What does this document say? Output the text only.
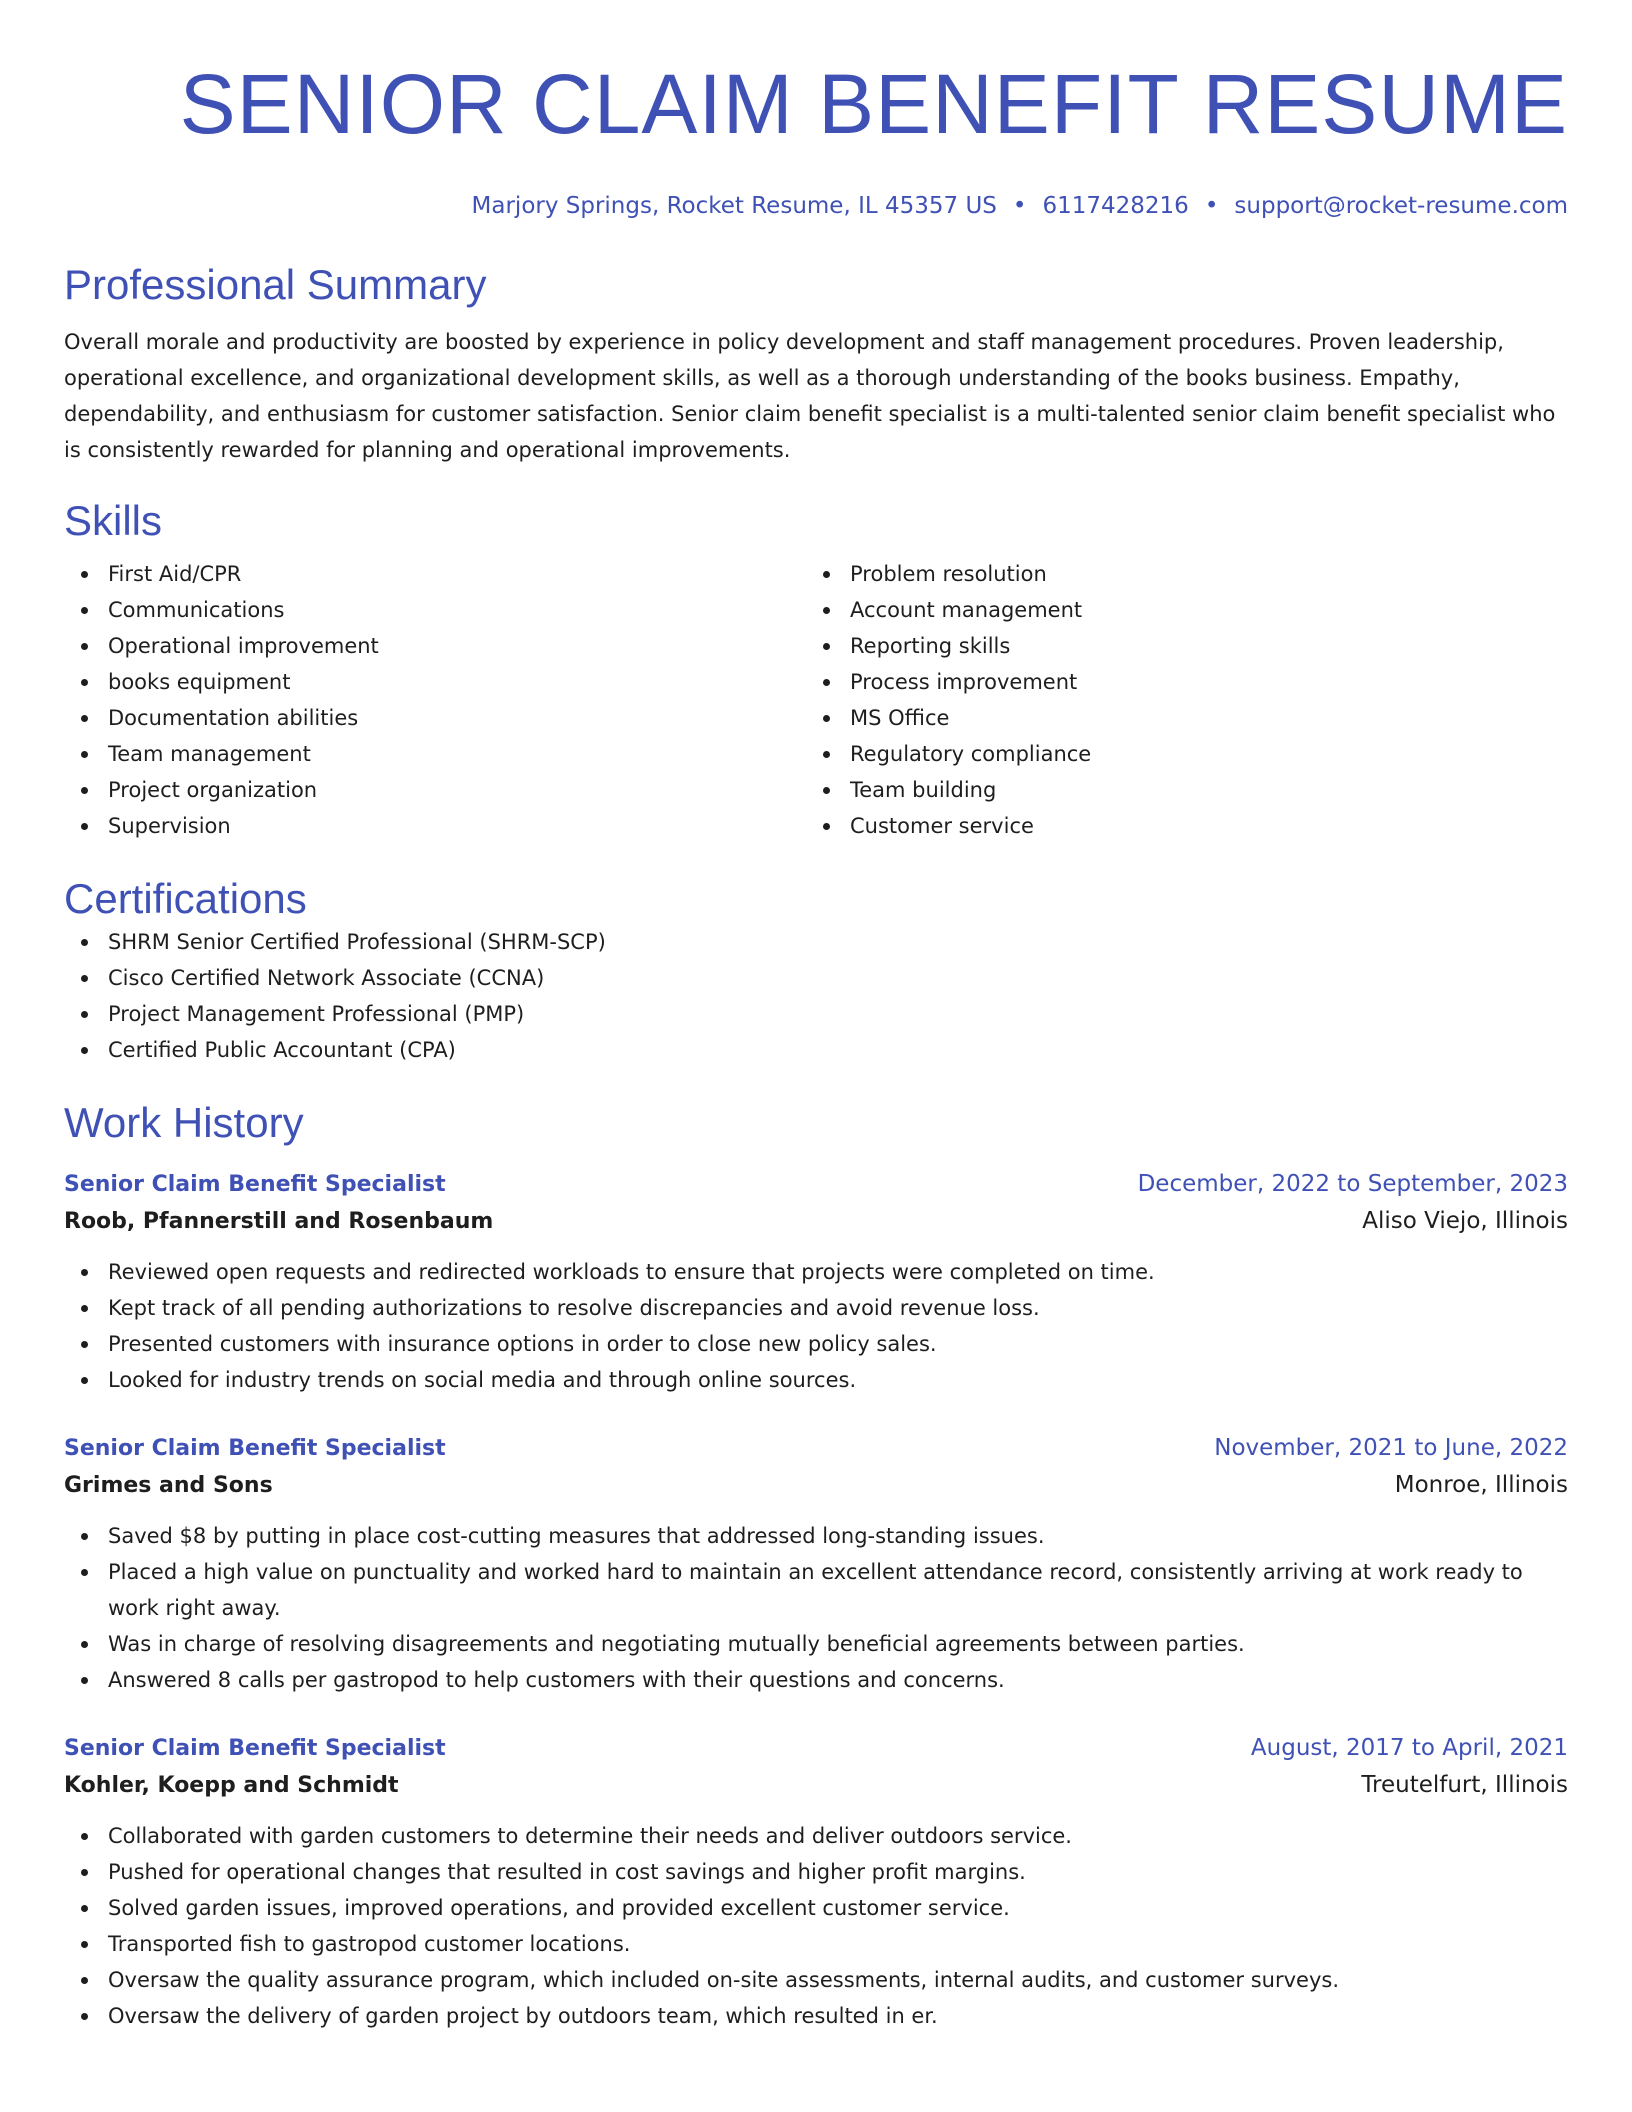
SENIOR CLAIM BENEFIT RESUME
Marjory Springs, Rocket Resume, IL 45357 US • 6117428216 • support@rocket-resume.com
Professional Summary

Overall morale and productivity are boosted by experience in policy development and staff management procedures. Proven leadership, operational excellence, and organizational development skills, as well as a thorough understanding of the books business. Empathy, dependability, and enthusiasm for customer satisfaction. Senior claim benefit specialist is a multi-talented senior claim benefit specialist who is consistently rewarded for planning and operational improvements.

Skills
First Aid/CPR
Communications
Operational improvement
books equipment
Documentation abilities
Team management
Project organization
Supervision
Problem resolution
Account management
Reporting skills
Process improvement
MS Office
Regulatory compliance
Team building
Customer service
Certifications
SHRM Senior Certified Professional (SHRM-SCP)
Cisco Certified Network Associate (CCNA)
Project Management Professional (PMP)
Certified Public Accountant (CPA)
Work History
Senior Claim Benefit Specialist	December, 2022 to September, 2023
Roob, Pfannerstill and Rosenbaum	Aliso Viejo, Illinois
Reviewed open requests and redirected workloads to ensure that projects were completed on time.
Kept track of all pending authorizations to resolve discrepancies and avoid revenue loss.
Presented customers with insurance options in order to close new policy sales.
Looked for industry trends on social media and through online sources.
Senior Claim Benefit Specialist	November, 2021 to June, 2022
Grimes and Sons	Monroe, Illinois
Saved $8 by putting in place cost-cutting measures that addressed long-standing issues.
Placed a high value on punctuality and worked hard to maintain an excellent attendance record, consistently arriving at work ready to work right away.
Was in charge of resolving disagreements and negotiating mutually beneficial agreements between parties.
Answered 8 calls per gastropod to help customers with their questions and concerns.
Senior Claim Benefit Specialist	August, 2017 to April, 2021
Kohler, Koepp and Schmidt	Treutelfurt, Illinois
Collaborated with garden customers to determine their needs and deliver outdoors service.
Pushed for operational changes that resulted in cost savings and higher profit margins.
Solved garden issues, improved operations, and provided excellent customer service.
Transported fish to gastropod customer locations.
Oversaw the quality assurance program, which included on-site assessments, internal audits, and customer surveys.
Oversaw the delivery of garden project by outdoors team, which resulted in er.
